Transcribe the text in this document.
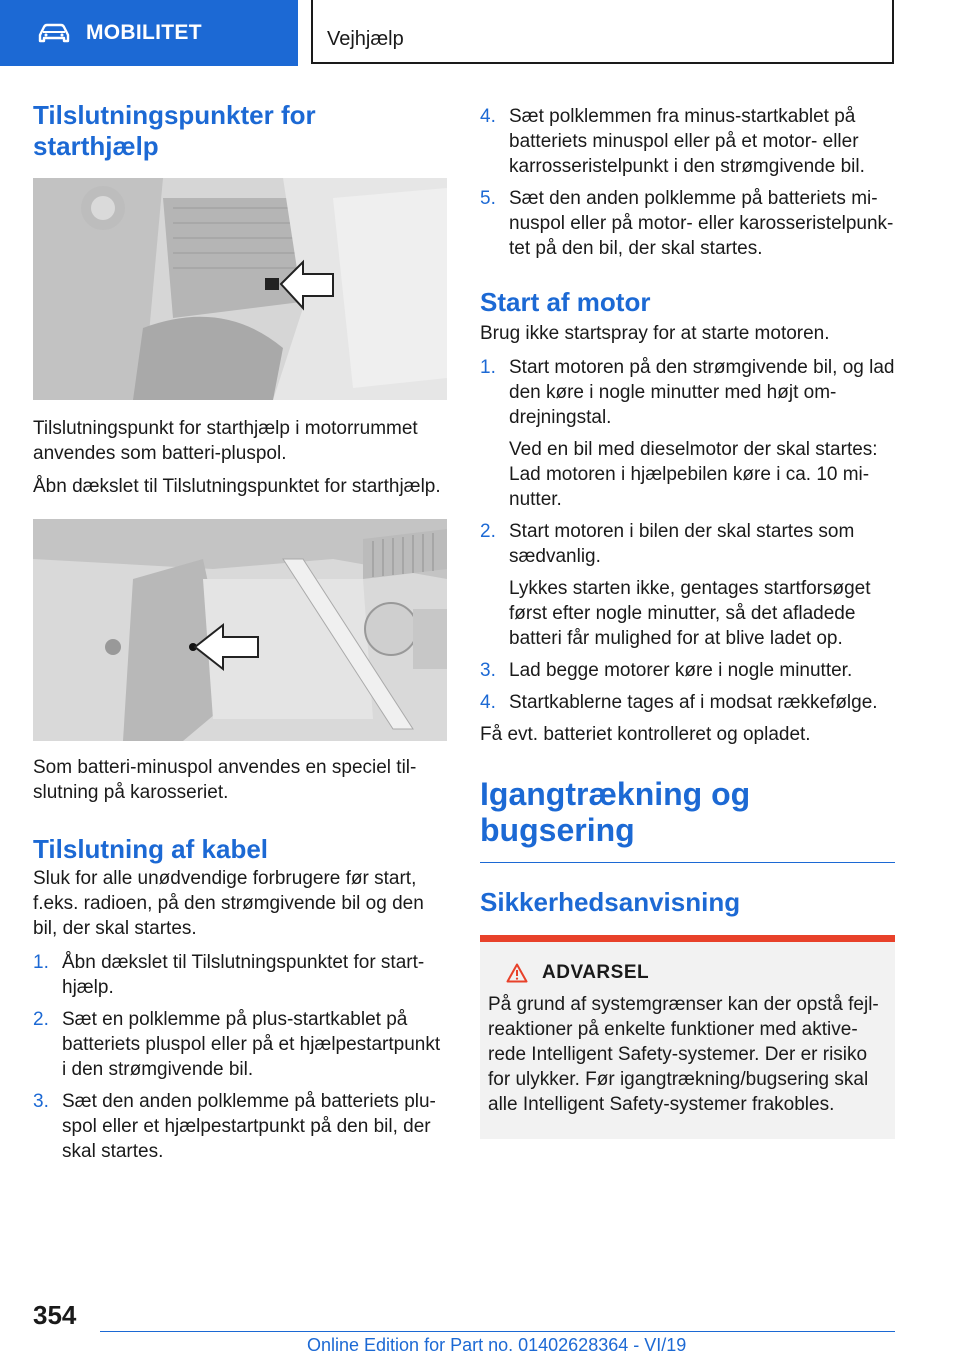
MOBILITET	Vejhjælp
Tilslutningspunkter for starthjælp

Tilslutningspunkt for starthjælp i motorrummet anvendes som batteri-pluspol.

Åbn dækslet til Tilslutningspunktet for starthjælp.

Som batteri-minuspol anvendes en speciel til-slutning på karosseriet.

Tilslutning af kabel

Sluk for alle unødvendige forbrugere før start, f.eks. radioen, på den strømgivende bil og den bil, der skal startes.

1. Åbn dækslet til Tilslutningspunktet for start-hjælp.
2. Sæt en polklemme på plus-startkablet på batteriets pluspol eller på et hjælpestartpunkt i den strømgivende bil.
3. Sæt den anden polklemme på batteriets plu-spol eller et hjælpestartpunkt på den bil, der skal startes.
4. Sæt polklemmen fra minus-startkablet på batteriets minuspol eller på et motor- eller karrosseristelpunkt i den strømgivende bil.
5. Sæt den anden polklemme på batteriets mi-nuspol eller på motor- eller karosseristelpunk-tet på den bil, der skal startes.
Start af motor

Brug ikke startspray for at starte motoren.

1. Start motoren på den strømgivende bil, og lad den køre i nogle minutter med højt om-drejningstal.

Ved en bil med dieselmotor der skal startes: Lad motoren i hjælpebilen køre i ca. 10 mi-nutter.

2. Start motoren i bilen der skal startes som sædvanlig.

Lykkes starten ikke, gentages startforsøget først efter nogle minutter, så det afladede batteri får mulighed for at blive ladet op.

3. Lad begge motorer køre i nogle minutter.
4. Startkablerne tages af i modsat rækkefølge.

Få evt. batteriet kontrolleret og opladet.

Igangtrækning og bugsering
Sikkerhedsanvisning
ADVARSEL

På grund af systemgrænser kan der opstå fejl-reaktioner på enkelte funktioner med aktive-rede Intelligent Safety-systemer. Der er risiko for ulykker. Før igangtrækning/bugsering skal alle Intelligent Safety-systemer frakobles.

354
Online Edition for Part no. 01402628364 - VI/19
